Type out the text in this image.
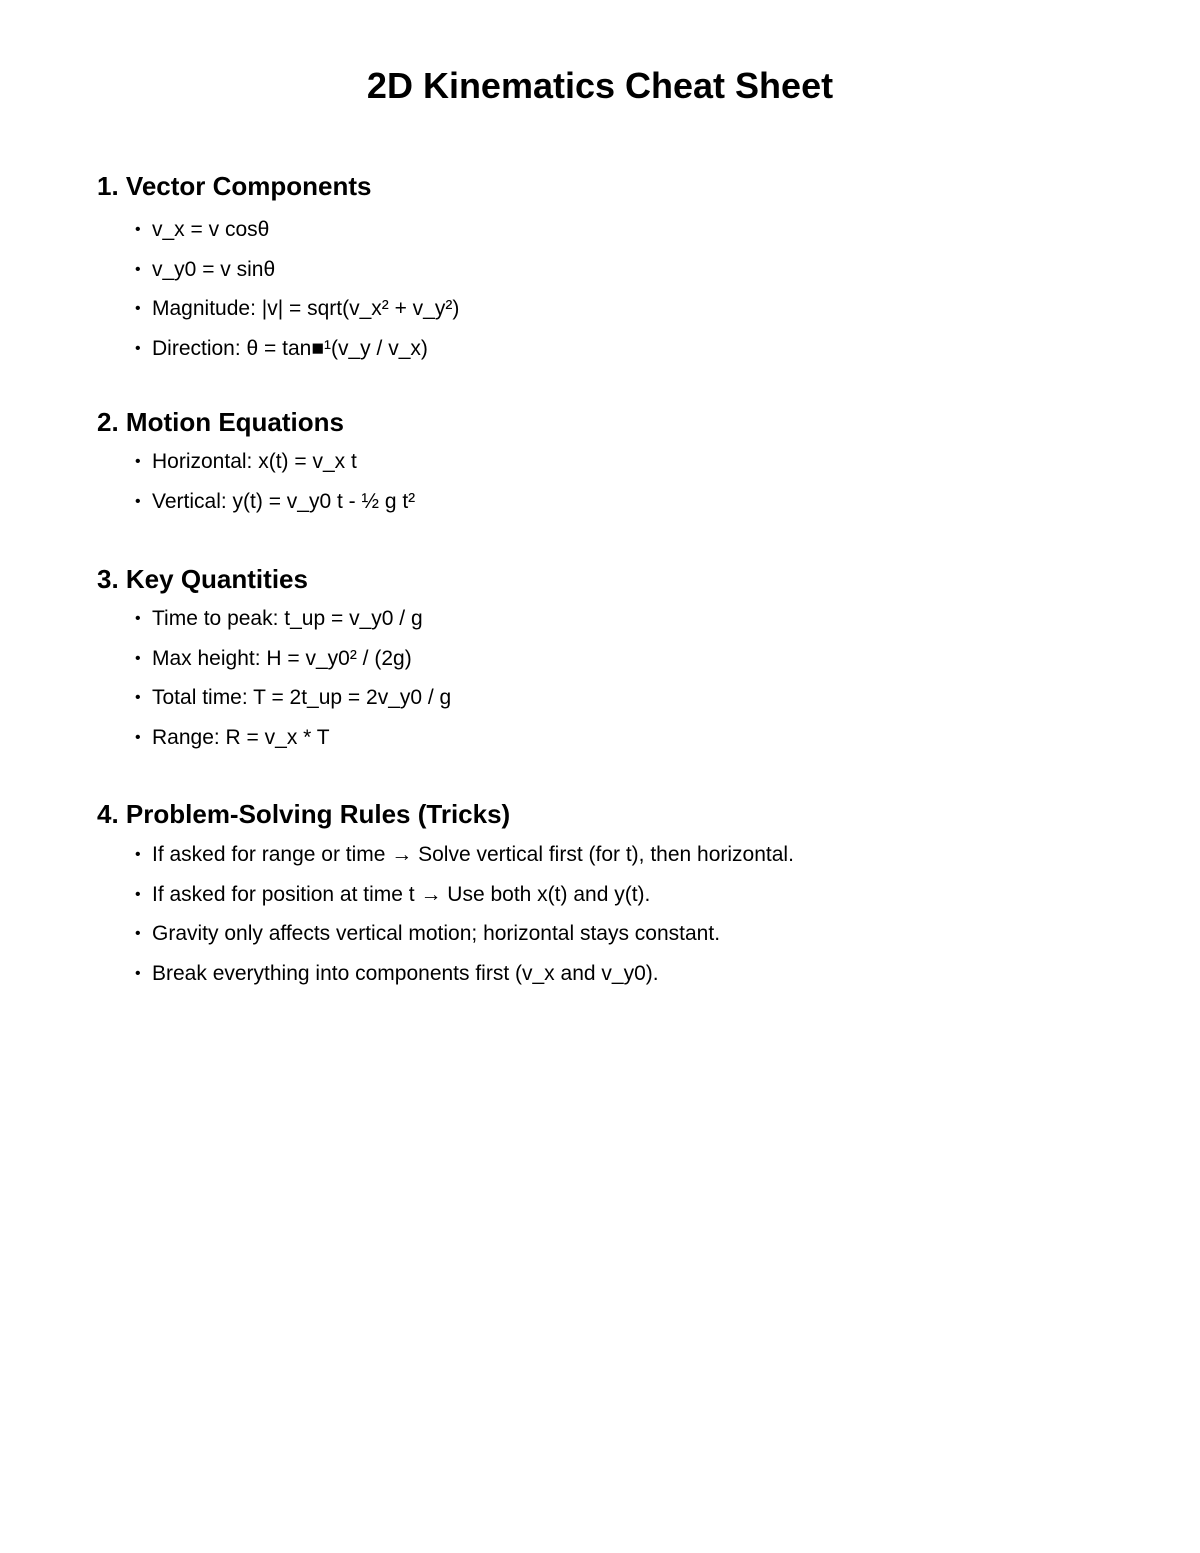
2D Kinematics Cheat Sheet
1. Vector Components
• v_x = v cosθ
• v_y0 = v sinθ
• Magnitude: |v| = sqrt(v_x² + v_y²)
• Direction: θ = tan■¹(v_y / v_x)
2. Motion Equations
• Horizontal: x(t) = v_x t
• Vertical: y(t) = v_y0 t - ½ g t²
3. Key Quantities
• Time to peak: t_up = v_y0 / g
• Max height: H = v_y0² / (2g)
• Total time: T = 2t_up = 2v_y0 / g
• Range: R = v_x * T
4. Problem-Solving Rules (Tricks)
• If asked for range or time → Solve vertical first (for t), then horizontal.
• If asked for position at time t → Use both x(t) and y(t).
• Gravity only affects vertical motion; horizontal stays constant.
• Break everything into components first (v_x and v_y0).
